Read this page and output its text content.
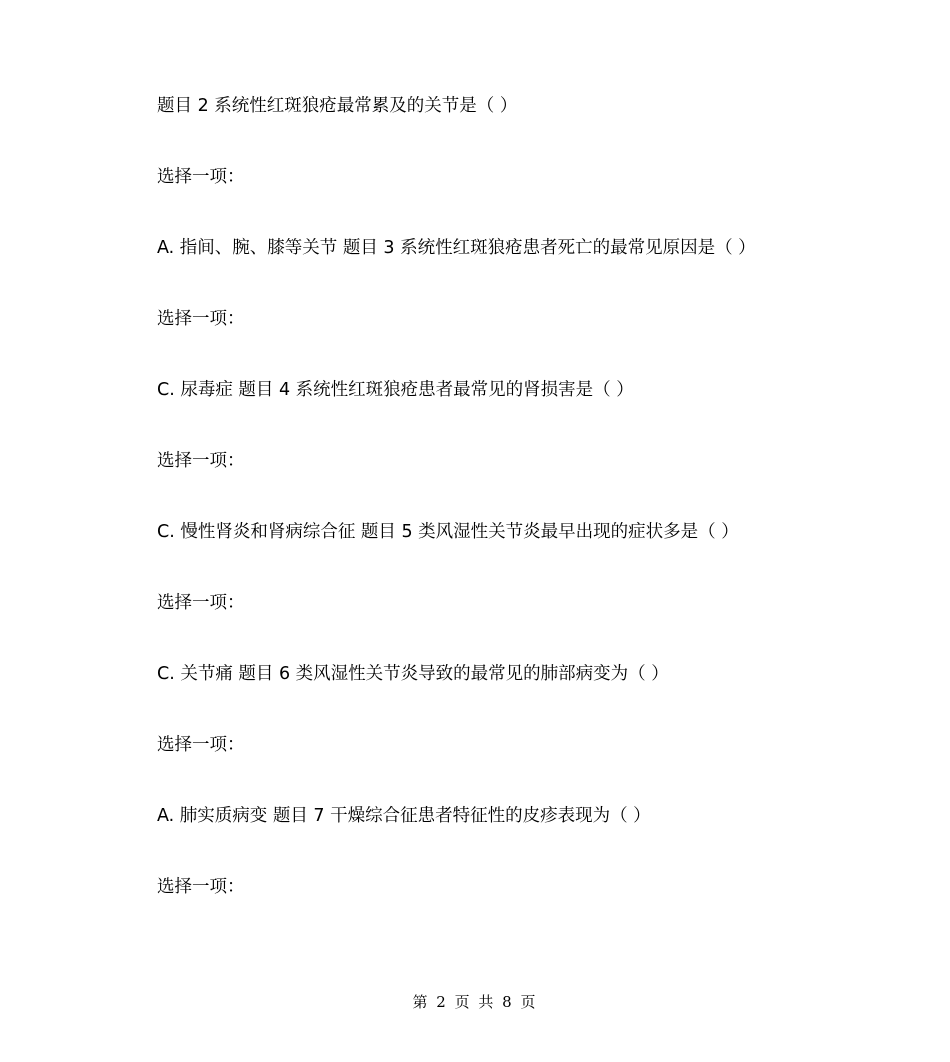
题目 2 系统性红斑狼疮最常累及的关节是（ ）
选择一项：
A. 指间、腕、膝等关节 题目 3 系统性红斑狼疮患者死亡的最常见原因是（ ）
选择一项：
C. 尿毒症 题目 4 系统性红斑狼疮患者最常见的肾损害是（ ）
选择一项：
C. 慢性肾炎和肾病综合征 题目 5 类风湿性关节炎最早出现的症状多是（ ）
选择一项：
C. 关节痛 题目 6 类风湿性关节炎导致的最常见的肺部病变为（ ）
选择一项：
A. 肺实质病变 题目 7 干燥综合征患者特征性的皮疹表现为（ ）
选择一项：
第 2 页 共 8 页
